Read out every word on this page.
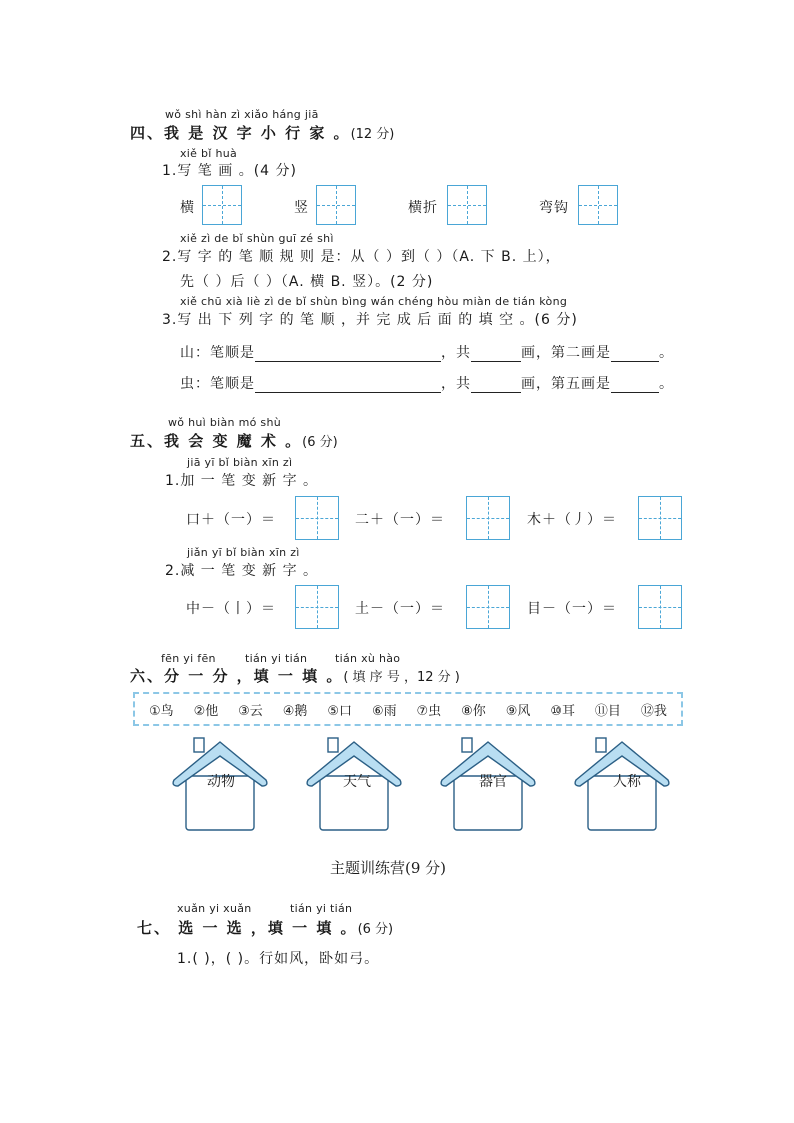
wǒ shì hàn zì xiǎo háng jiā
四、我 是 汉 字 小 行 家 。(12 分)
xiě bǐ huà
1.写 笔 画 。(4 分)
横	竖	横折	弯钩
xiě zì de bǐ shùn guī zé shì
2.写 字 的 笔 顺 规 则 是：从（ ）到（ ）（A. 下 B. 上），
先（ ）后（ ）（A. 横 B. 竖）。(2 分)
xiě chū xià liè zì de bǐ shùn bìng wán chéng hòu miàn de tián kòng
3.写 出 下 列 字 的 笔 顺 ，并 完 成 后 面 的 填 空 。(6 分)
山：笔顺是	，共	画，第二画是	。
虫：笔顺是	，共	画，第五画是	。
wǒ huì biàn mó shù
五、我 会 变 魔 术 。(6 分)
jiā yī bǐ biàn xīn zì
1.加 一 笔 变 新 字 。
口＋（一）＝	二＋（一）＝	木＋（丿）＝
jiǎn yī bǐ biàn xīn zì
2.减 一 笔 变 新 字 。
中－（丨）＝	土－（一）＝	目－（一）＝
fēn yi fēn	tián yi tián	tián xù hào
六、分 一 分 ，填 一 填 。( 填 序 号 ，12 分 )
①鸟 ②他 ③云 ④鹅 ⑤口 ⑥雨 ⑦虫 ⑧你 ⑨风 ⑩耳 ⑪目 ⑫我
动物	天气	器官	人称
主题训练营(9 分)
xuǎn yi xuǎn	tián yi tián
七、 选 一 选 ，填 一 填 。(6 分)
1.( )，( )。行如风，卧如弓。
